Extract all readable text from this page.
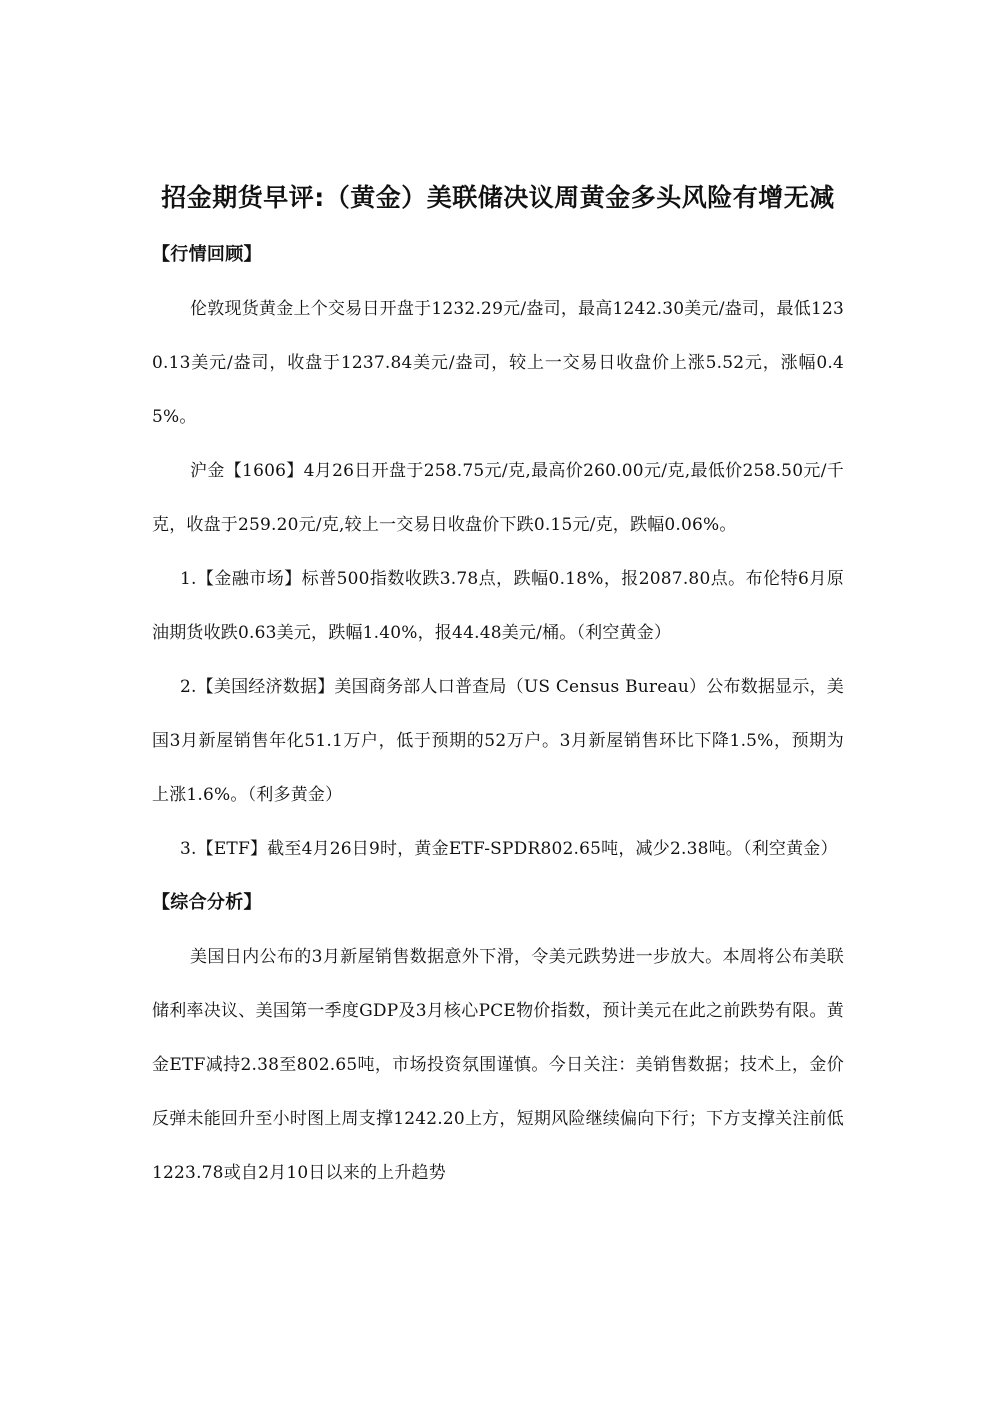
招金期货早评:（黄金）美联储决议周黄金多头风险有增无减
【行情回顾】

伦敦现货黄金上个交易日开盘于1232.29元/盎司，最高1242.30美元/盎司，最低1230.13美元/盎司，收盘于1237.84美元/盎司，较上一交易日收盘价上涨5.52元，涨幅0.45%。

沪金【1606】4月26日开盘于258.75元/克,最高价260.00元/克,最低价258.50元/千克，收盘于259.20元/克,较上一交易日收盘价下跌0.15元/克，跌幅0.06%。

1.【金融市场】标普500指数收跌3.78点，跌幅0.18%，报2087.80点。布伦特6月原油期货收跌0.63美元，跌幅1.40%，报44.48美元/桶。（利空黄金）

2.【美国经济数据】美国商务部人口普查局（US Census Bureau）公布数据显示，美国3月新屋销售年化51.1万户，低于预期的52万户。3月新屋销售环比下降1.5%，预期为上涨1.6%。（利多黄金）

3.【ETF】截至4月26日9时，黄金ETF-SPDR802.65吨，减少2.38吨。（利空黄金）

【综合分析】

美国日内公布的3月新屋销售数据意外下滑，令美元跌势进一步放大。本周将公布美联储利率决议、美国第一季度GDP及3月核心PCE物价指数，预计美元在此之前跌势有限。黄金ETF减持2.38至802.65吨，市场投资氛围谨慎。今日关注：美销售数据；技术上，金价反弹未能回升至小时图上周支撑1242.20上方，短期风险继续偏向下行；下方支撑关注前低1223.78或自2月10日以来的上升趋势
